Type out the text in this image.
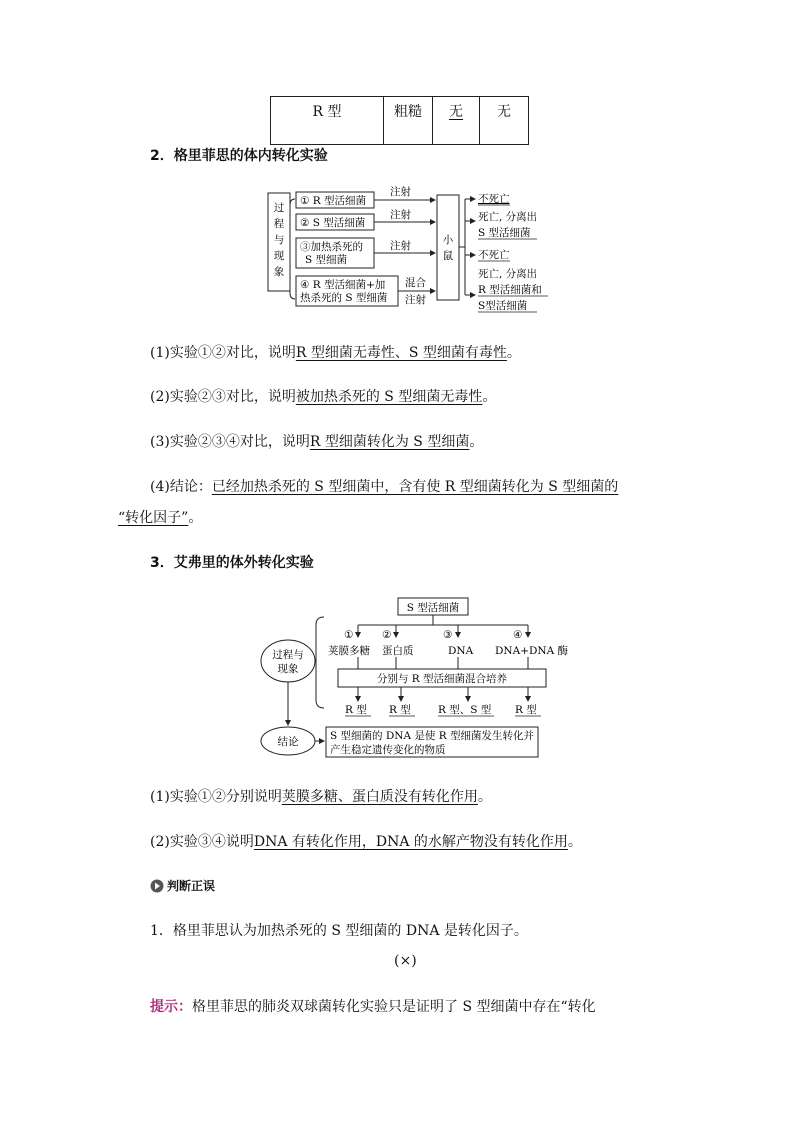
R 型	粗糙	无	无
2．格里菲思的体内转化实验
过
程
与
现
象
① R 型活细菌
② S 型活细菌
③加热杀死的
S 型细菌
④ R 型活细菌+加
热杀死的 S 型细菌
注射
注射
注射
混合
注射
小
鼠
不死亡
死亡, 分离出
S 型活细菌
不死亡
死亡, 分离出
R 型活细菌和
S型活细菌
(1)实验①②对比，说明R 型细菌无毒性、S 型细菌有毒性。
(2)实验②③对比，说明被加热杀死的 S 型细菌无毒性。
(3)实验②③④对比，说明R 型细菌转化为 S 型细菌。
(4)结论：已经加热杀死的 S 型细菌中，含有使 R 型细菌转化为 S 型细菌的
“转化因子”。
3．艾弗里的体外转化实验
S 型活细菌
①	②	③	④
荚膜多糖 蛋白质	DNA DNA+DNA 酶
分别与 R 型活细菌混合培养
R 型 R 型	R 型、S 型 R 型
过程与
现象
结论	S 型细菌的 DNA 是使 R 型细菌发生转化并
产生稳定遗传变化的物质
(1)实验①②分别说明荚膜多糖、蛋白质没有转化作用。
(2)实验③④说明DNA 有转化作用，DNA 的水解产物没有转化作用。
判断正误
1．格里菲思认为加热杀死的 S 型细菌的 DNA 是转化因子。
(×)
提示：格里菲思的肺炎双球菌转化实验只是证明了 S 型细菌中存在“转化
